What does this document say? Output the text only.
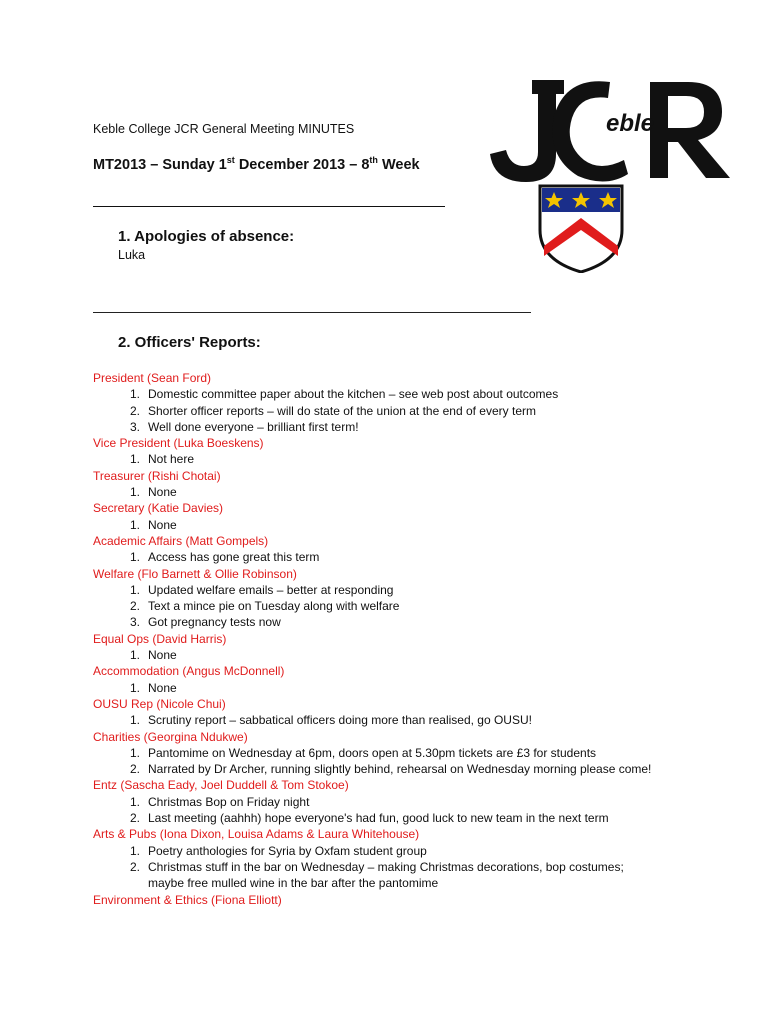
Keble College JCR General Meeting MINUTES
MT2013 – Sunday 1st December 2013 – 8th Week
eble
1. Apologies of absence:
Luka
2. Officers' Reports:
President (Sean Ford)
1. Domestic committee paper about the kitchen – see web post about outcomes
2. Shorter officer reports – will do state of the union at the end of every term
3. Well done everyone – brilliant first term!
Vice President (Luka Boeskens)
1. Not here
Treasurer (Rishi Chotai)
1. None
Secretary (Katie Davies)
1. None
Academic Affairs (Matt Gompels)
1. Access has gone great this term
Welfare (Flo Barnett & Ollie Robinson)
1. Updated welfare emails – better at responding
2. Text a mince pie on Tuesday along with welfare
3. Got pregnancy tests now
Equal Ops (David Harris)
1. None
Accommodation (Angus McDonnell)
1. None
OUSU Rep (Nicole Chui)
1. Scrutiny report – sabbatical officers doing more than realised, go OUSU!
Charities (Georgina Ndukwe)
1. Pantomime on Wednesday at 6pm, doors open at 5.30pm tickets are £3 for students
2. Narrated by Dr Archer, running slightly behind, rehearsal on Wednesday morning please come!
Entz (Sascha Eady, Joel Duddell & Tom Stokoe)
1. Christmas Bop on Friday night
2. Last meeting (aahhh) hope everyone's had fun, good luck to new team in the next term
Arts & Pubs (Iona Dixon, Louisa Adams & Laura Whitehouse)
1. Poetry anthologies for Syria by Oxfam student group
2. Christmas stuff in the bar on Wednesday – making Christmas decorations, bop costumes; maybe free mulled wine in the bar after the pantomime
Environment & Ethics (Fiona Elliott)
